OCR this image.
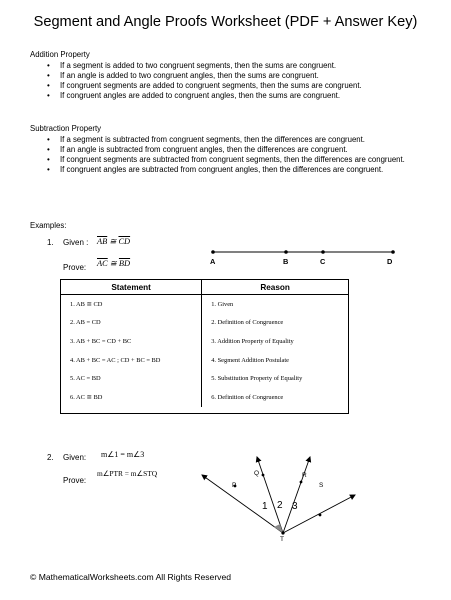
Segment and Angle Proofs Worksheet (PDF + Answer Key)
Addition Property
• If a segment is added to two congruent segments, then the sums are congruent.
• If an angle is added to two congruent angles, then the sums are congruent.
• If congruent segments are added to congruent segments, then the sums are congruent.
• If congruent angles are added to congruent angles, then the sums are congruent.
Subtraction Property
• If a segment is subtracted from congruent segments, then the differences are congruent.
• If an angle is subtracted from congruent angles, then the differences are congruent.
• If congruent segments are subtracted from congruent segments, then the differences are congruent.
• If congruent angles are subtracted from congruent angles, then the differences are congruent.
Examples:
1. Given : $\overline{AB}$ ≅ $\overline{CD}$
Prove: $\overline{AC}$ ≅ $\overline{BD}$	A	B	C	D
Statement	Reason
1. AB ≅ CD	1. Given
2. AB = CD	2. Definition of Congruence
3. AB + BC = CD + BC	3. Addition Property of Equality
4. AB + BC = AC ; CD + BC = BD	4. Segment Addition Postulate
5. AC = BD	5. Substitution Property of Equality
6. AC ≅ BD	6. Definition of Congruence
2. Given: m∠1 = m∠3
Prove:
m∠PTR = m∠STQ
P
Q	R
S
T
1 2 3
© MathematicalWorksheets.com All Rights Reserved
